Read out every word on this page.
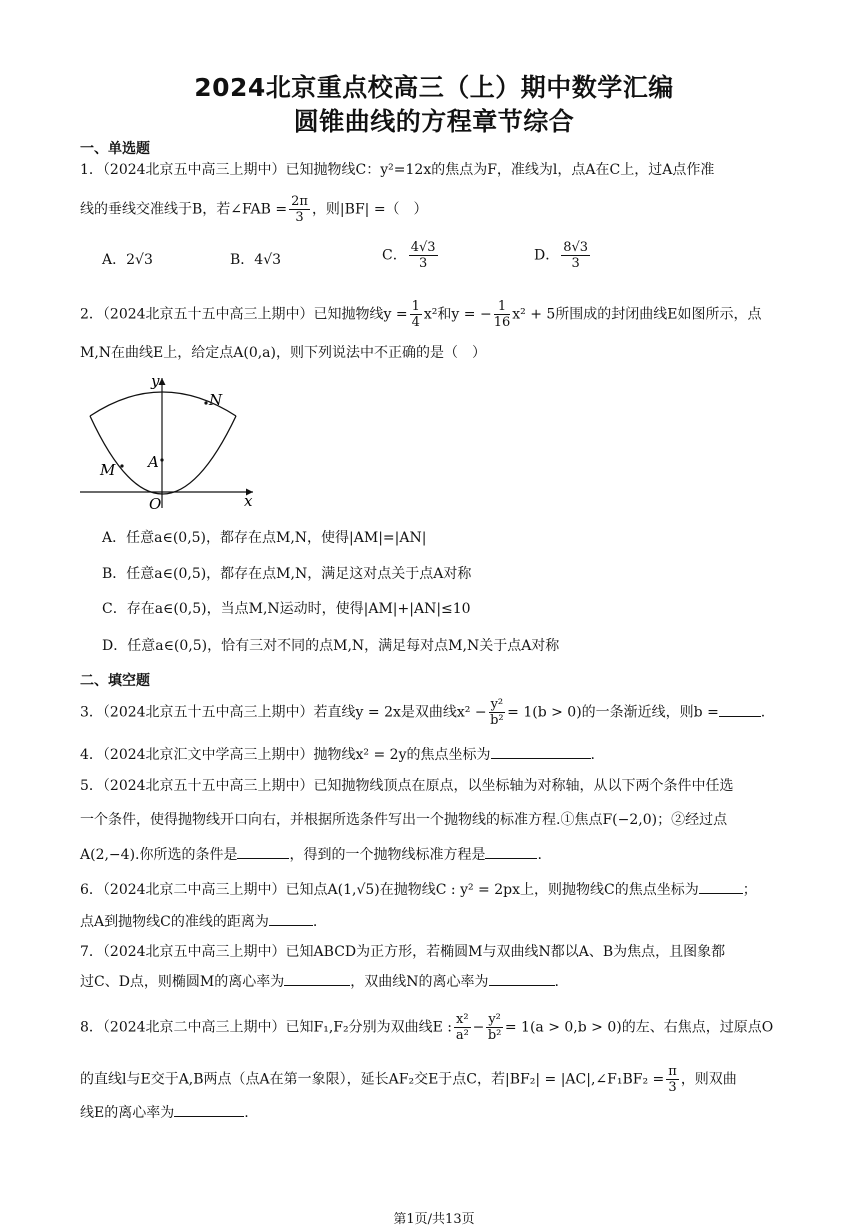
2024北京重点校高三（上）期中数学汇编
圆锥曲线的方程章节综合
一、单选题
1．（2024北京五中高三上期中）已知抛物线C：y²=12x的焦点为F，准线为l，点A在C上，过A点作准
线的垂线交准线于B，若∠FAB = $\frac{2\pi}{3}$ ，则|BF| =（　）
A．2√3	B．4√3	C． $\frac{4√3}{3}$	D． $\frac{8√3}{3}$
2．（2024北京五十五中高三上期中）已知抛物线$y = \frac{1}{4} x^2$和y = − $\frac{1}{16} x^2 + 5$所围成的封闭曲线E如图所示，点
M,N在曲线E上，给定点A(0,a)，则下列说法中不正确的是（　）
y
x
N
M A
O
A．任意a∈(0,5)，都存在点M,N，使得|AM|=|AN|
B．任意a∈(0,5)，都存在点M,N，满足这对点关于点A对称
C．存在a∈(0,5)，当点M,N运动时，使得|AM|+|AN|≤10
D．任意a∈(0,5)，恰有三对不同的点M,N，满足每对点M,N关于点A对称
二、填空题
3．（2024北京五十五中高三上期中）若直线y = 2x是双曲线$x^2 - \frac{\text{y²}}{\text{b²}} = 1(b > 0)$的一条渐近线，则b =	.
4．（2024北京汇文中学高三上期中）抛物线x² = 2y的焦点坐标为	.
5．（2024北京五十五中高三上期中）已知抛物线顶点在原点，以坐标轴为对称轴，从以下两个条件中任选
一个条件，使得抛物线开口向右，并根据所选条件写出一个抛物线的标准方程.①焦点F(−2,0)；②经过点
A(2,−4).你所选的条件是	，得到的一个抛物线标准方程是	.
6．（2024北京二中高三上期中）已知点A(1,√5)在抛物线C : y² = 2px上，则抛物线C的焦点坐标为	；
点A到抛物线C的准线的距离为	.
7．（2024北京五中高三上期中）已知ABCD为正方形，若椭圆M与双曲线N都以A、B为焦点，且图象都
过C、D点，则椭圆M的离心率为	，双曲线N的离心率为	.
8．（2024北京二中高三上期中）已知F₁,F₂分别为双曲线E : $\frac{\text{x²}}{\text{a²}} - \frac{\text{y²}}{\text{b²}} = 1(a > 0,b > 0)$的左、右焦点，过原点O
的直线l与E交于A,B两点（点A在第一象限），延长AF₂交E于点C，若|BF₂| = |AC|,∠F₁BF₂ = $\frac{\pi}{3}$ ，则双曲
线E的离心率为	.
第1页/共13页
